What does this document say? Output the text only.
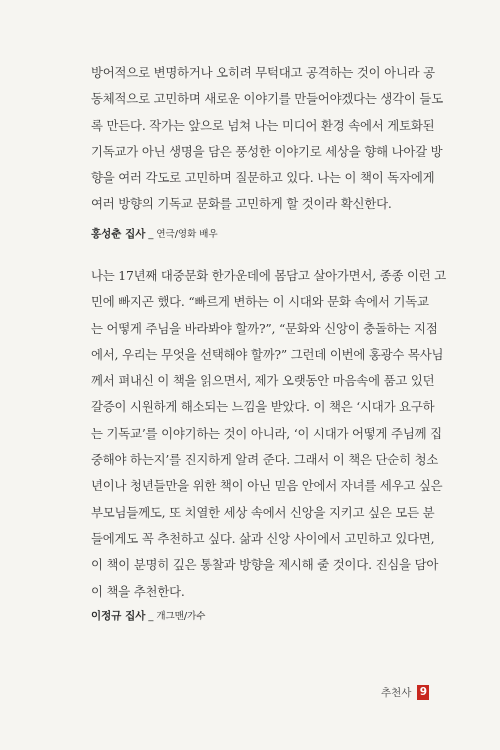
방어적으로 변명하거나 오히려 무턱대고 공격하는 것이 아니라 공
동체적으로 고민하며 새로운 이야기를 만들어야겠다는 생각이 들도
록 만든다. 작가는 앞으로 넘쳐 나는 미디어 환경 속에서 게토화된
기독교가 아닌 생명을 담은 풍성한 이야기로 세상을 향해 나아갈 방
향을 여러 각도로 고민하며 질문하고 있다. 나는 이 책이 독자에게
여러 방향의 기독교 문화를 고민하게 할 것이라 확신한다.
홍성춘 집사 _ 연극/영화 배우
나는 17년째 대중문화 한가운데에 몸담고 살아가면서, 종종 이런 고
민에 빠지곤 했다. “빠르게 변하는 이 시대와 문화 속에서 기독교
는 어떻게 주님을 바라봐야 할까?”, “문화와 신앙이 충돌하는 지점
에서, 우리는 무엇을 선택해야 할까?” 그런데 이번에 홍광수 목사님
께서 펴내신 이 책을 읽으면서, 제가 오랫동안 마음속에 품고 있던
갈증이 시원하게 해소되는 느낌을 받았다. 이 책은 ‘시대가 요구하
는 기독교’를 이야기하는 것이 아니라, ‘이 시대가 어떻게 주님께 집
중해야 하는지’를 진지하게 알려 준다. 그래서 이 책은 단순히 청소
년이나 청년들만을 위한 책이 아닌 믿음 안에서 자녀를 세우고 싶은
부모님들께도, 또 치열한 세상 속에서 신앙을 지키고 싶은 모든 분
들에게도 꼭 추천하고 싶다. 삶과 신앙 사이에서 고민하고 있다면,
이 책이 분명히 깊은 통찰과 방향을 제시해 줄 것이다. 진심을 담아
이 책을 추천한다.
이정규 집사 _ 개그맨/가수
추천사 9
